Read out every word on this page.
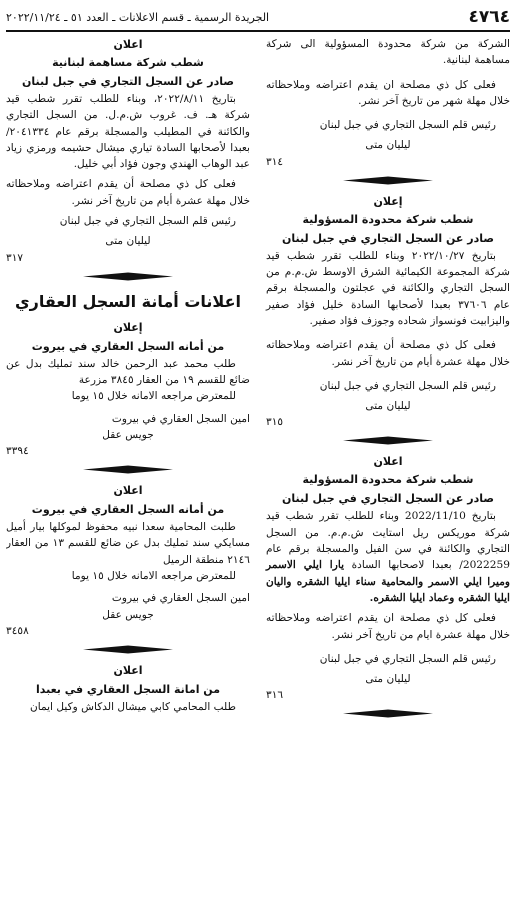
٤٧٦٤
الجريدة الرسمية ـ قسم الاعلانات ـ العدد ٥١ ـ ٢٠٢٢/١١/٢٤

الشركة من شركة محدودة المسؤولية الى شركة مساهمة لبنانية.

فعلى كل ذي مصلحة ان يقدم اعتراضه وملاحظاته خلال مهلة شهر من تاريخ آخر نشر.

رئيس قلم السجل التجاري في جبل لبنان

ليليان متى

٣١٤
إعلان
شطب شركة محدودة المسؤولية
صادر عن السجل التجاري في جبل لبنان

بتاريخ ٢٠٢٢/١٠/٢٧ وبناء للطلب تقرر شطب قيد شركة المجموعة الكيمائية الشرق الاوسط ش.م.م من السجل التجاري والكائنة في عجلتون والمسجلة برقم عام ٣٧٦٠٦ بعبدا لأصحابها السادة خليل فؤاد صفير واليزابيت فونسواز شحاده وجوزف فؤاد صفير.

فعلى كل ذي مصلحة أن يقدم اعتراضه وملاحظاته خلال مهلة عشرة أيام من تاريخ آخر نشر.

رئيس قلم السجل التجاري في جبل لبنان

ليليان متى

٣١٥
اعلان
شطب شركة محدودة المسؤولية
صادر عن السجل التجاري في جبل لبنان

بتاريخ 2022/11/10 وبناء للطلب تقرر شطب قيد شركة موريكس ريل استايت ش.م.م. من السجل التجاري والكائنة في سن الفيل والمسجلة برقم عام 2022259/ بعبدا لاصحابها السادة يارا ايلي الاسمر وميرا ايلي الاسمر والمحامية سناء ايليا الشقره واليان ايليا الشقره وعماد ايليا الشقره.

فعلى كل ذي مصلحة ان يقدم اعتراضه وملاحظاته خلال مهلة عشرة ايام من تاريخ آخر نشر.

رئيس قلم السجل التجاري في جبل لبنان

ليليان متى

٣١٦
اعلان
شطب شركة مساهمة لبنانية
صادر عن السجل التجاري في جبل لبنان

بتاريخ ٢٠٢٢/٨/١١، وبناء للطلب تقرر شطب قيد شركة هـ. ف. غروب ش.م.ل. من السجل التجاري والكائنة في المطيلب والمسجلة برقم عام ٢٠٤١٣٣٤/ بعبدا لأصحابها السادة تياري ميشال حشيمه ورمزي زياد عبد الوهاب الهندي وجون فؤاد أبي خليل.

فعلى كل ذي مصلحة أن يقدم اعتراضه وملاحظاته خلال مهلة عشرة أيام من تاريخ آخر نشر.

رئيس قلم السجل التجاري في جبل لبنان

ليليان متى

٣١٧
اعلانات أمانة السجل العقاري
إعلان
من أمانه السجل العقاري في بيروت

طلب محمد عبد الرحمن خالد سند تمليك بدل عن ضائع للقسم ١٩ من العقار ٣٨٤٥ مزرعة

للمعترض مراجعه الامانه خلال ١٥ يوما

امين السجل العقاري في بيروت

جويس عقل

٣٣٩٤
اعلان
من أمانه السجل العقاري في بيروت

طلبت المحامية سعدا نبيه محفوظ لموكلها بيار أميل مسايكي سند تمليك بدل عن ضائع للقسم ١٣ من العقار ٢١٤٦ منطقة الرميل

للمعترض مراجعه الامانه خلال ١٥ يوما

امين السجل العقاري في بيروت

جويس عقل

٣٤٥٨
اعلان
من امانة السجل العقاري في بعبدا

طلب المحامي كابي ميشال الدكاش وكيل ايمان
